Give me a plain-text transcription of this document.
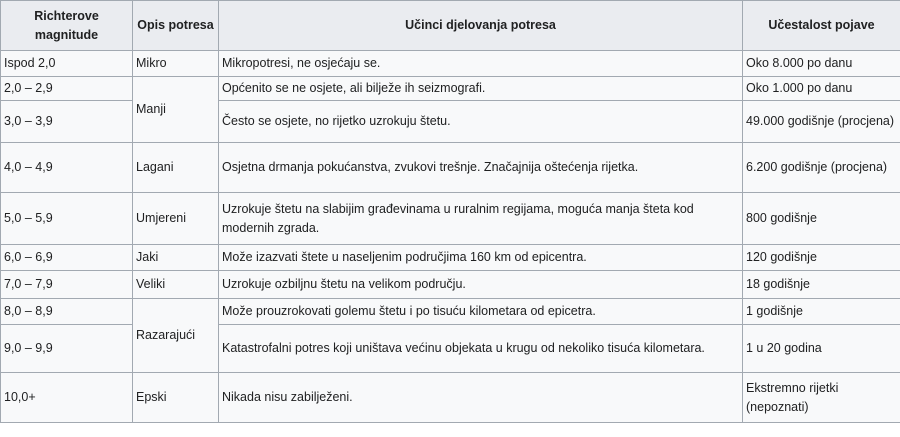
Richterove magnitude	Opis potresa	Učinci djelovanja potresa	Učestalost pojave
Ispod 2,0	Mikro	Mikropotresi, ne osjećaju se.	Oko 8.000 po danu
2,0 – 2,9	Manji	Općenito se ne osjete, ali bilježe ih seizmografi.	Oko 1.000 po danu
3,0 – 3,9		Često se osjete, no rijetko uzrokuju štetu.	49.000 godišnje (procjena)
4,0 – 4,9	Lagani	Osjetna drmanja pokućanstva, zvukovi trešnje. Značajnija oštećenja rijetka.	6.200 godišnje (procjena)
5,0 – 5,9	Umjereni	Uzrokuje štetu na slabijim građevinama u ruralnim regijama, moguća manja šteta kod modernih zgrada.	800 godišnje
6,0 – 6,9	Jaki	Može izazvati štete u naseljenim područjima 160 km od epicentra.	120 godišnje
7,0 – 7,9	Veliki	Uzrokuje ozbiljnu štetu na velikom području.	18 godišnje
8,0 – 8,9	Razarajući	Može prouzrokovati golemu štetu i po tisuću kilometara od epicetra.	1 godišnje
9,0 – 9,9		Katastrofalni potres koji uništava većinu objekata u krugu od nekoliko tisuća kilometara.	1 u 20 godina
10,0+	Epski	Nikada nisu zabilježeni.	Ekstremno rijetki (nepoznati)
